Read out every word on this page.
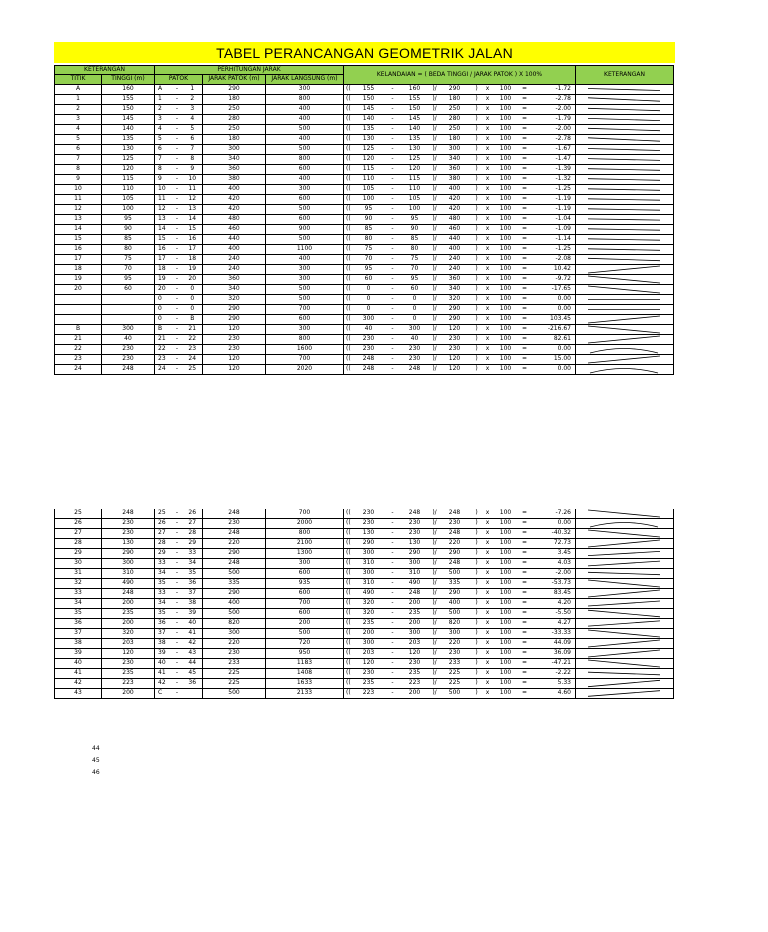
TABEL PERANCANGAN GEOMETRIK JALAN
KETERANGAN		PERHITUNGAN JARAK					KELANDAIAN = ( BEDA TINGGI / JARAK PATOK ) X 100%											KETERANGAN
TITIK	TINGGI (m)	PATOK			JARAK PATOK (m)	JARAK LANGSUNG (m)												
A	160	A	-	1	290	300	((	155	-	160	)/	290	)	x	100	=	-1.72	

1	155	1	-	2	180	800	((	150	-	155	)/	180	)	x	100	=	-2.78	

2	150	2	-	3	250	400	((	145	-	150	)/	250	)	x	100	=	-2.00	

3	145	3	-	4	280	400	((	140	-	145	)/	280	)	x	100	=	-1.79	

4	140	4	-	5	250	500	((	135	-	140	)/	250	)	x	100	=	-2.00	

5	135	5	-	6	180	400	((	130	-	135	)/	180	)	x	100	=	-2.78	

6	130	6	-	7	300	500	((	125	-	130	)/	300	)	x	100	=	-1.67	

7	125	7	-	8	340	800	((	120	-	125	)/	340	)	x	100	=	-1.47	

8	120	8	-	9	360	600	((	115	-	120	)/	360	)	x	100	=	-1.39	

9	115	9	-	10	380	400	((	110	-	115	)/	380	)	x	100	=	-1.32	

10	110	10	-	11	400	300	((	105	-	110	)/	400	)	x	100	=	-1.25	

11	105	11	-	12	420	600	((	100	-	105	)/	420	)	x	100	=	-1.19	

12	100	12	-	13	420	500	((	95	-	100	)/	420	)	x	100	=	-1.19	

13	95	13	-	14	480	600	((	90	-	95	)/	480	)	x	100	=	-1.04	

14	90	14	-	15	460	900	((	85	-	90	)/	460	)	x	100	=	-1.09	

15	85	15	-	16	440	500	((	80	-	85	)/	440	)	x	100	=	-1.14	

16	80	16	-	17	400	1100	((	75	-	80	)/	400	)	x	100	=	-1.25	

17	75	17	-	18	240	400	((	70	-	75	)/	240	)	x	100	=	-2.08	

18	70	18	-	19	240	300	((	95	-	70	)/	240	)	x	100	=	10.42	

19	95	19	-	20	360	300	((	60	-	95	)/	360	)	x	100	=	-9.72	

20	60	20	-	0	340	500	((	0	-	60	)/	340	)	x	100	=	-17.65	

		0	-	0	320	500	((	0	-	0	)/	320	)	x	100	=	0.00	

		0	-	0	290	700	((	0	-	0	)/	290	)	x	100	=	0.00	

		0	-	B	290	600	((	300	-	0	)/	290	)	x	100	=	103.45	

B	300	B	-	21	120	300	((	40	-	300	)/	120	)	x	100	=	-216.67	

21	40	21	-	22	230	800	((	230	-	40	)/	230	)	x	100	=	82.61	

22	230	22	-	23	230	1600	((	230	-	230	)/	230	)	x	100	=	0.00	

23	230	23	-	24	120	700	((	248	-	230	)/	120	)	x	100	=	15.00	

24	248	24	-	25	120	2020	((	248	-	248	)/	120	)	x	100	=	0.00	
25	248	25	-	26	248	700	((	230	-	248	)/	248	)	x	100	=	-7.26	

26	230	26	-	27	230	2000	((	230	-	230	)/	230	)	x	100	=	0.00	

27	230	27	-	28	248	800	((	130	-	230	)/	248	)	x	100	=	-40.32	

28	130	28	-	29	220	2100	((	290	-	130	)/	220	)	x	100	=	72.73	

29	290	29	-	33	290	1300	((	300	-	290	)/	290	)	x	100	=	3.45	

30	300	33	-	34	248	300	((	310	-	300	)/	248	)	x	100	=	4.03	

31	310	34	-	35	500	600	((	300	-	310	)/	500	)	x	100	=	-2.00	

32	490	35	-	36	335	935	((	310	-	490	)/	335	)	x	100	=	-53.73	

33	248	33	-	37	290	600	((	490	-	248	)/	290	)	x	100	=	83.45	

34	200	34	-	38	400	700	((	320	-	200	)/	400	)	x	100	=	4.20	

35	235	35	-	39	500	600	((	320	-	235	)/	500	)	x	100	=	-5.50	

36	200	36	-	40	820	200	((	235	-	200	)/	820	)	x	100	=	4.27	

37	320	37	-	41	300	500	((	200	-	300	)/	300	)	x	100	=	-33.33	

38	203	38	-	42	220	720	((	300	-	203	)/	220	)	x	100	=	44.09	

39	120	39	-	43	230	950	((	203	-	120	)/	230	)	x	100	=	36.09	

40	230	40	-	44	233	1183	((	120	-	230	)/	233	)	x	100	=	-47.21	

41	235	41	-	45	225	1408	((	230	-	235	)/	225	)	x	100	=	-2.22	

42	223	42	-	36	225	1633	((	235	-	223	)/	225	)	x	100	=	5.33	

43	200	C	-		500	2133	((	223	-	200	)/	500	)	x	100	=	4.60	
44
45
46
